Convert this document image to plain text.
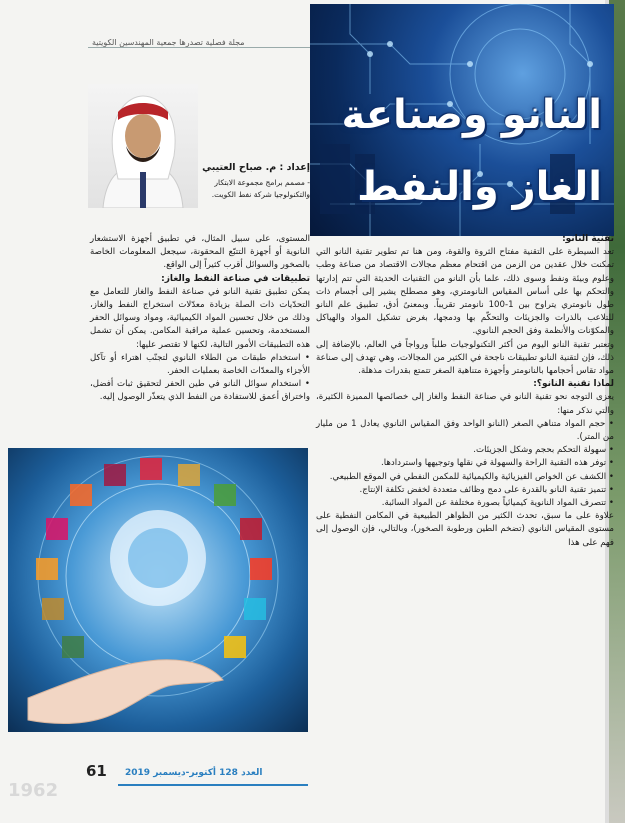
مجلة فصلية تصدرها جمعية المهندسين الكويتية
النانو وصناعة
الغاز والنفط
إعداد : م. صباح العتيبي
- مصمم برامج مجموعة الابتكار والتكنولوجيا شركة نفط الكويت.
تقنية النانو:

تعد السيطرة على التقنية مفتاح الثروة والقوة، ومن هنا تم تطوير تقنية النانو التي تمكنت خلال عقدين من الزمن من اقتحام معظم مجالات الاقتصاد من صناعة وطب وعلوم وبيئة ونفط وسوى ذلك، علما بأن النانو من التقنيات الحديثة التي تتم إدارتها والتحكم بها على أساس المقياس النانومتري، وهو مصطلح يشير إلى أجسام ذات طول نانومتري يتراوح بين 1-100 نانومتر تقريباً. وبمعنىً أدق، تطبيق علم النانو للتلاعب بالذرات والجزيئات والتحكّم بها ودمجها، بغرض تشكيل المواد والهياكل والمكوّنات والأنظمة وفق الحجم النانوي.

وتعتبر تقنية النانو اليوم من أكثر التكنولوجيات طلباً ورواجاً في العالم، بالإضافة إلى ذلك، فإن لتقنية النانو تطبيقات ناجحة في الكثير من المجالات، وهي تهدف إلى صناعة مواد تقاس أحجامها بالنانومتر وأجهزة متناهية الصغر تتمتع بقدرات مذهلة.

لماذا تقنية النانو؟:

يعزى التوجه نحو تقنية النانو في صناعة النفط والغاز إلى خصائصها المميزة الكثيرة، والتي نذكر منها:

• حجم المواد متناهي الصغر (النانو الواحد وفق المقياس النانوي يعادل 1 من مليار من المتر).

• سهولة التحكم بحجم وشكل الجزيئات.

• توفر هذه التقنية الراحة والسهولة في نقلها وتوجيهها واستردادها.

• الكشف عن الخواص الفيزيائية والكيميائية للمكمن النفطي في الموقع الطبيعي.

• تتميز تقنية النانو بالقدرة على دمج وظائف متعددة لخفض تكلفة الإنتاج.

• تتصرف المواد النانوية كيميائياً بصورة مختلفة عن المواد السائبة.

علاوة على ما سبق، تحدث الكثير من الظواهر الطبيعية في المكامن النفطية على مستوى المقياس النانوي (تضخم الطين ورطوبة الصخور)، وبالتالي، فإن الوصول إلى فهم على هذا

المستوى، على سبيل المثال، في تطبيق أجهزة الاستشعار النانوية أو أجهزة التتبّع المحقونة، سيجعل المعلومات الخاصة بالصخور والسوائل أقرب كثيراً إلى الواقع.

تطبيقات في صناعة النفط والغاز:

يمكن تطبيق تقنية النانو في صناعة النفط والغاز للتعامل مع التحدّيات ذات الصلة بزيادة معدّلات استخراج النفط والغاز، وذلك من خلال تحسين المواد الكيميائية، ومواد وسوائل الحفر المستخدمة، وتحسين عملية مراقبة المكامن. يمكن أن تشمل هذه التطبيقات الأمور التالية، لكنها لا تقتصر عليها:

• استخدام طبقات من الطلاء النانوي لتجنّب اهتراء أو تآكل الأجزاء والمعدّات الخاصة بعمليات الحفر.

• استخدام سوائل النانو في طين الحفر لتحقيق ثبات أفضل، واختراق أعمق للاستفادة من النفط الذي يتعذّر الوصول إليه.

1962
61	العدد 128 أكتوبر-ديسمبر 2019
